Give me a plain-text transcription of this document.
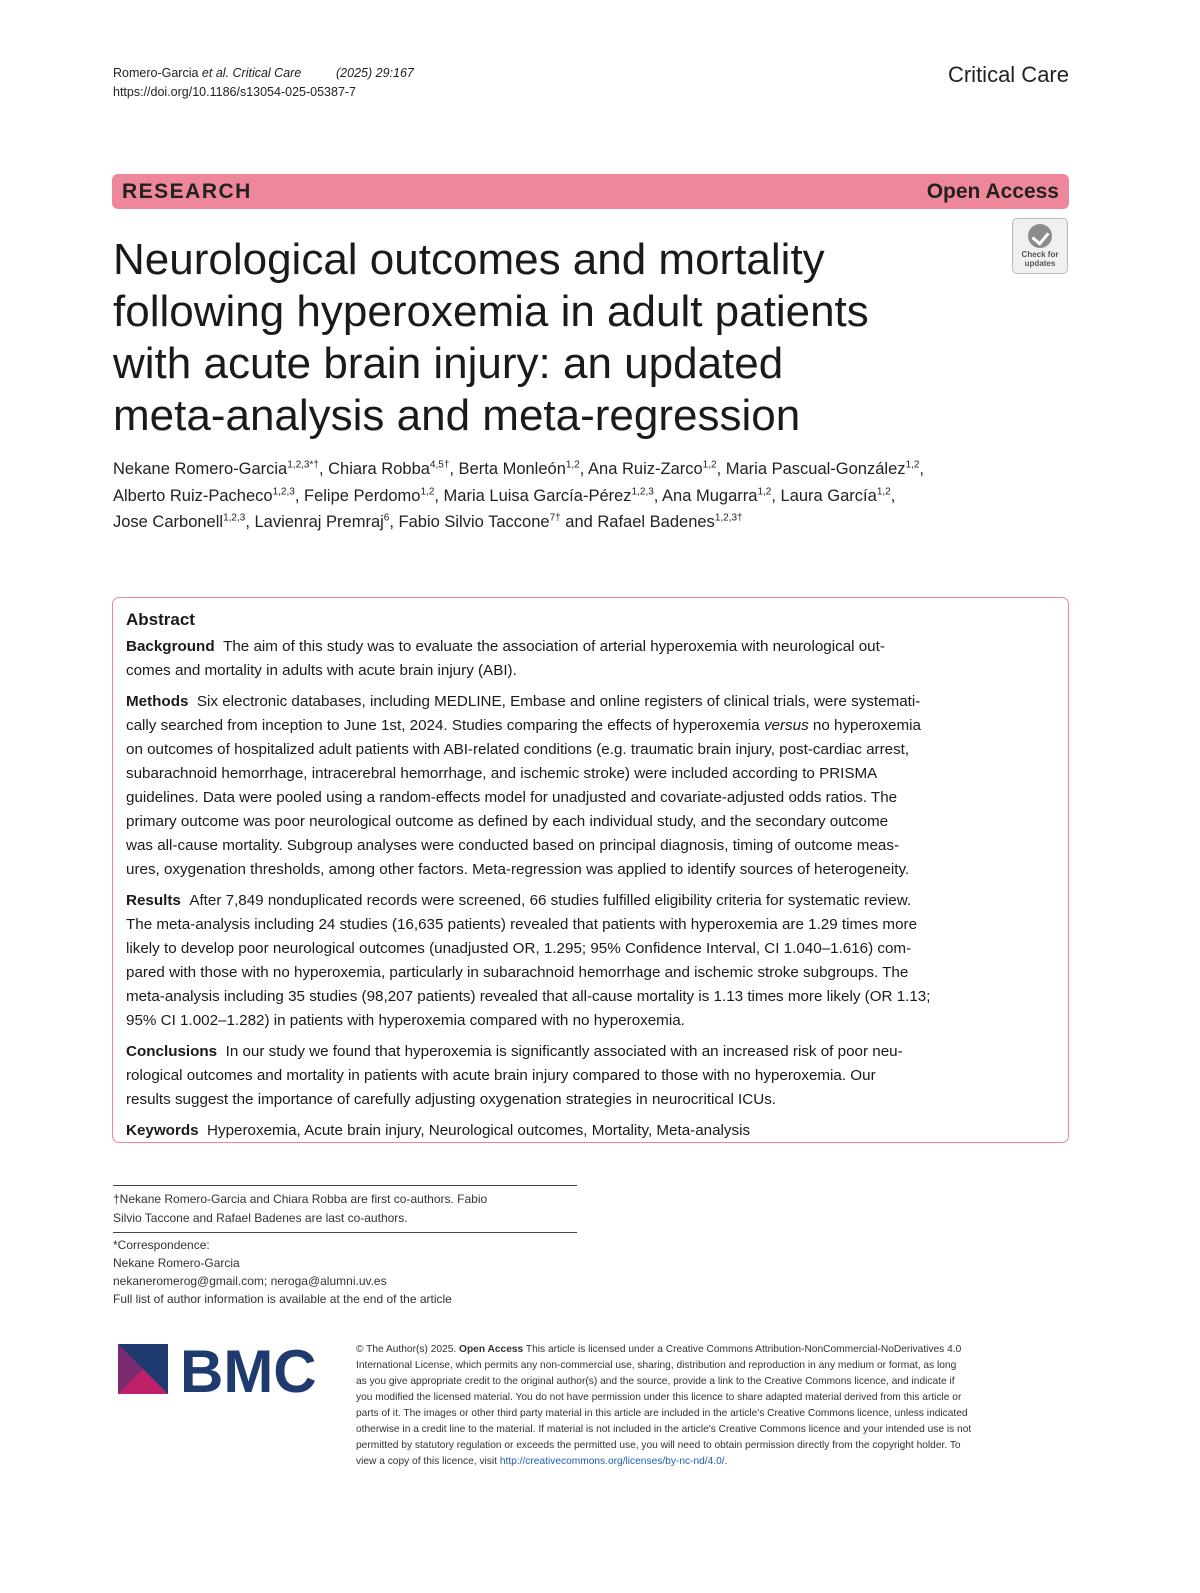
Romero-Garcia et al. Critical Care	(2025) 29:167
https://doi.org/10.1186/s13054-025-05387-7
Critical Care
RESEARCH	Open Access
Check for
updates
Neurological outcomes and mortality
following hyperoxemia in adult patients
with acute brain injury: an updated
meta-analysis and meta-regression
Nekane Romero-Garcia$^{1,2,3*\dagger}$, Chiara Robba$^{4,5\dagger}$, Berta Monleón$^{1,2}$, Ana Ruiz-Zarco$^{1,2}$, Maria Pascual-González$^{1,2}$,
Alberto Ruiz-Pacheco$^{1,2,3}$, Felipe Perdomo$^{1,2}$, Maria Luisa García-Pérez$^{1,2,3}$, Ana Mugarra$^{1,2}$, Laura García$^{1,2}$,
Jose Carbonell$^{1,2,3}$, Lavienraj Premraj$^6$, Fabio Silvio Taccone$^{7\dagger}$ and Rafael Badenes$^{1,2,3\dagger}$
Abstract
Background The aim of this study was to evaluate the association of arterial hyperoxemia with neurological out-
comes and mortality in adults with acute brain injury (ABI).
Methods Six electronic databases, including MEDLINE, Embase and online registers of clinical trials, were systemati-
cally searched from inception to June 1st, 2024. Studies comparing the effects of hyperoxemia versus no hyperoxemia
on outcomes of hospitalized adult patients with ABI-related conditions (e.g. traumatic brain injury, post-cardiac arrest,
subarachnoid hemorrhage, intracerebral hemorrhage, and ischemic stroke) were included according to PRISMA
guidelines. Data were pooled using a random-effects model for unadjusted and covariate-adjusted odds ratios. The
primary outcome was poor neurological outcome as defined by each individual study, and the secondary outcome
was all-cause mortality. Subgroup analyses were conducted based on principal diagnosis, timing of outcome meas-
ures, oxygenation thresholds, among other factors. Meta-regression was applied to identify sources of heterogeneity.
Results After 7,849 nonduplicated records were screened, 66 studies fulfilled eligibility criteria for systematic review.
The meta-analysis including 24 studies (16,635 patients) revealed that patients with hyperoxemia are 1.29 times more
likely to develop poor neurological outcomes (unadjusted OR, 1.295; 95% Confidence Interval, CI 1.040–1.616) com-
pared with those with no hyperoxemia, particularly in subarachnoid hemorrhage and ischemic stroke subgroups. The
meta-analysis including 35 studies (98,207 patients) revealed that all-cause mortality is 1.13 times more likely (OR 1.13;
95% CI 1.002–1.282) in patients with hyperoxemia compared with no hyperoxemia.
Conclusions In our study we found that hyperoxemia is significantly associated with an increased risk of poor neu-
rological outcomes and mortality in patients with acute brain injury compared to those with no hyperoxemia. Our
results suggest the importance of carefully adjusting oxygenation strategies in neurocritical ICUs.
Keywords Hyperoxemia, Acute brain injury, Neurological outcomes, Mortality, Meta-analysis
†Nekane Romero-Garcia and Chiara Robba are first co-authors. Fabio
Silvio Taccone and Rafael Badenes are last co-authors.
*Correspondence:
Nekane Romero-Garcia
nekaneromerog@gmail.com; neroga@alumni.uv.es
Full list of author information is available at the end of the article
BMC	© The Author(s) 2025. Open Access This article is licensed under a Creative Commons Attribution-NonCommercial-NoDerivatives 4.0
International License, which permits any non-commercial use, sharing, distribution and reproduction in any medium or format, as long
as you give appropriate credit to the original author(s) and the source, provide a link to the Creative Commons licence, and indicate if
you modified the licensed material. You do not have permission under this licence to share adapted material derived from this article or
parts of it. The images or other third party material in this article are included in the article's Creative Commons licence, unless indicated
otherwise in a credit line to the material. If material is not included in the article's Creative Commons licence and your intended use is not
permitted by statutory regulation or exceeds the permitted use, you will need to obtain permission directly from the copyright holder. To
view a copy of this licence, visit http://creativecommons.org/licenses/by-nc-nd/4.0/.
